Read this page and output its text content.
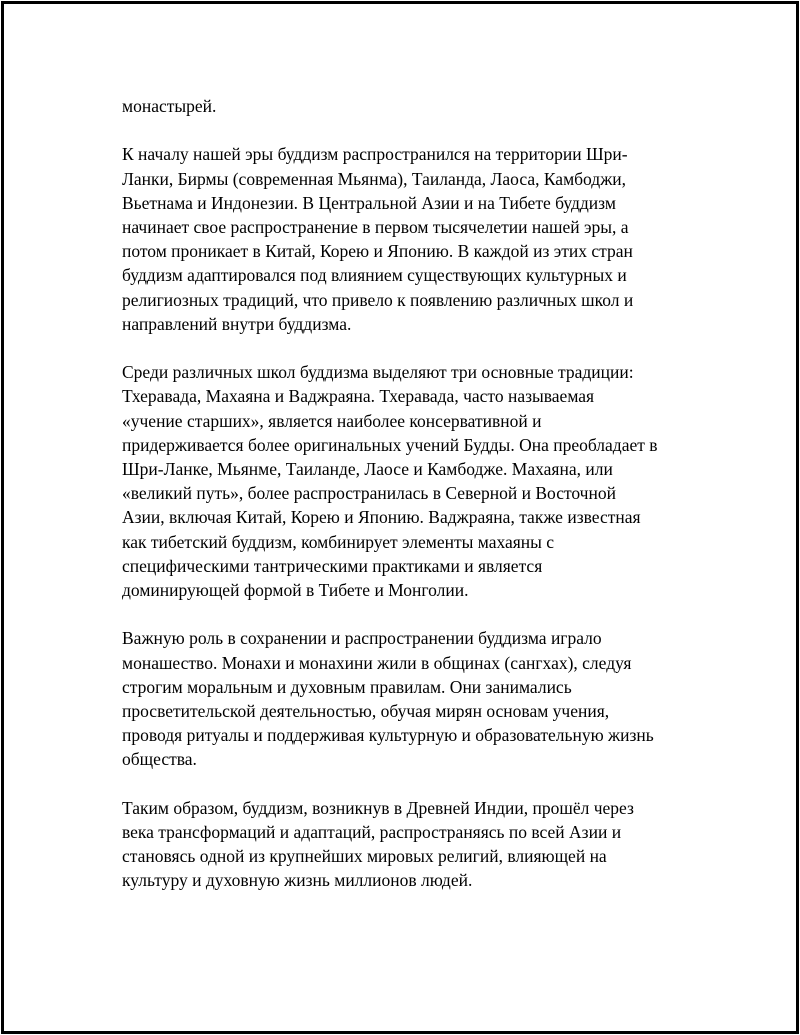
монастырей.

К началу нашей эры буддизм распространился на территории Шри-
Ланки, Бирмы (современная Мьянма), Таиланда, Лаоса, Камбоджи,
Вьетнама и Индонезии. В Центральной Азии и на Тибете буддизм
начинает свое распространение в первом тысячелетии нашей эры, а
потом проникает в Китай, Корею и Японию. В каждой из этих стран
буддизм адаптировался под влиянием существующих культурных и
религиозных традиций, что привело к появлению различных школ и
направлений внутри буддизма.

Среди различных школ буддизма выделяют три основные традиции:
Тхеравада, Махаяна и Ваджраяна. Тхеравада, часто называемая
«учение старших», является наиболее консервативной и
придерживается более оригинальных учений Будды. Она преобладает в
Шри-Ланке, Мьянме, Таиланде, Лаосе и Камбодже. Махаяна, или
«великий путь», более распространилась в Северной и Восточной
Азии, включая Китай, Корею и Японию. Ваджраяна, также известная
как тибетский буддизм, комбинирует элементы махаяны с
специфическими тантрическими практиками и является
доминирующей формой в Тибете и Монголии.

Важную роль в сохранении и распространении буддизма играло
монашество. Монахи и монахини жили в общинах (сангхах), следуя
строгим моральным и духовным правилам. Они занимались
просветительской деятельностью, обучая мирян основам учения,
проводя ритуалы и поддерживая культурную и образовательную жизнь
общества.

Таким образом, буддизм, возникнув в Древней Индии, прошёл через
века трансформаций и адаптаций, распространяясь по всей Азии и
становясь одной из крупнейших мировых религий, влияющей на
культуру и духовную жизнь миллионов людей.
